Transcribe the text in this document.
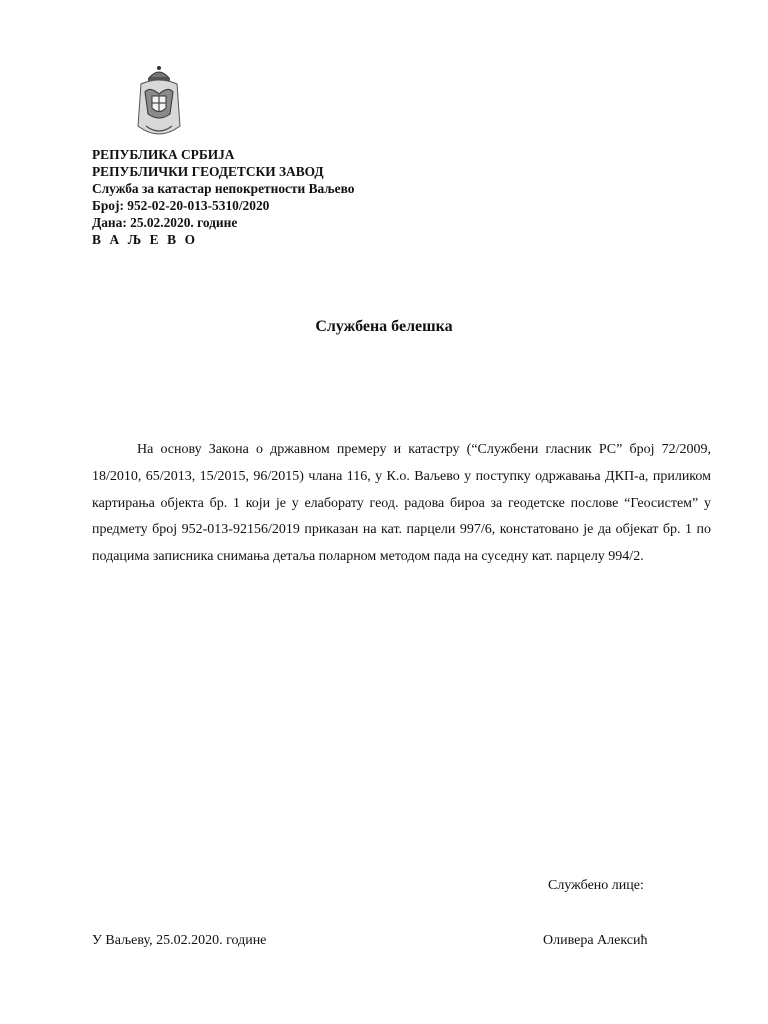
РЕПУБЛИКА СРБИЈА
РЕПУБЛИЧКИ ГЕОДЕТСКИ ЗАВОД
Служба за катастар непокретности Ваљево
Број: 952-02-20-013-5310/2020
Дана: 25.02.2020. године
В А Љ Е В О
Службена белешка

На основу Закона о државном премеру и катастру (“Службени гласник РС” број 72/2009, 18/2010, 65/2013, 15/2015, 96/2015) члана 116, у К.о. Ваљево у поступку одржавања ДКП-а, приликом картирања објекта бр. 1 који је у елаборату геод. радова бироа за геодетске послове “Геосистем” у предмету број 952-013-92156/2019 приказан на кат. парцели 997/6, констатовано је да објекат бр. 1 по подацима записника снимања детаља поларном методом пада на суседну кат. парцелу 994/2.

Службено лице:
У Ваљеву, 25.02.2020. године	Оливера Алексић
